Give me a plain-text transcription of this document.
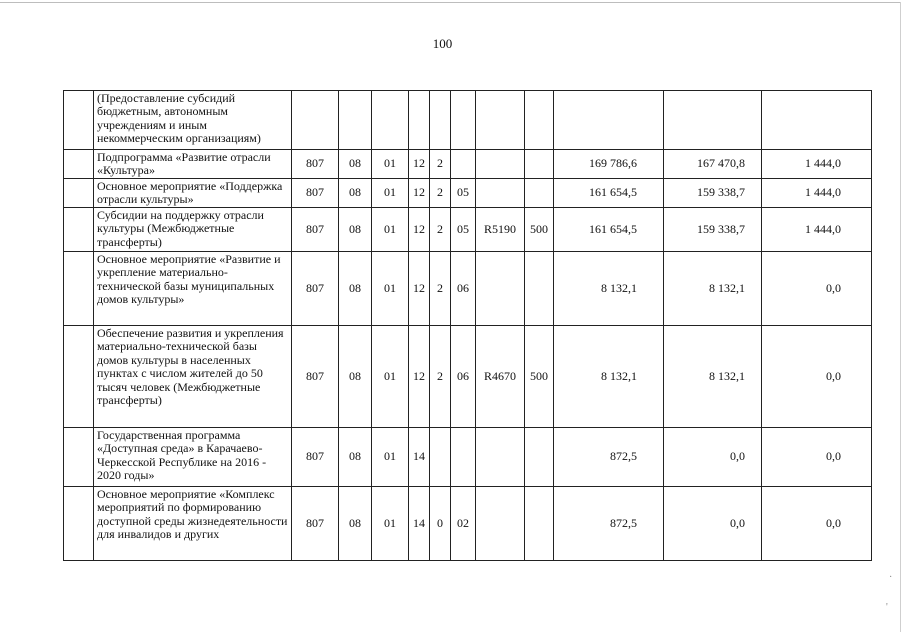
100
	(Предоставление субсидий бюджетным, автономным учреждениям и иным некоммерческим организациям)											
	Подпрограмма «Развитие отрасли «Культура»	807	08	01	12	2				169 786,6	167 470,8	1 444,0
	Основное мероприятие «Поддержка отрасли культуры»	807	08	01	12	2	05			161 654,5	159 338,7	1 444,0
	Субсидии на поддержку отрасли культуры (Межбюджетные трансферты)	807	08	01	12	2	05	R5190	500	161 654,5	159 338,7	1 444,0
	Основное мероприятие «Развитие и укрепление материально-технической базы муниципальных домов культуры»	807	08	01	12	2	06			8 132,1	8 132,1	0,0
	Обеспечение развития и укрепления материально-технической базы домов культуры в населенных пунктах с числом жителей до 50 тысяч человек (Межбюджетные трансферты)	807	08	01	12	2	06	R4670	500	8 132,1	8 132,1	0,0
	Государственная программа «Доступная среда» в Карачаево-Черкесской Республике на 2016 - 2020 годы»	807	08	01	14					872,5	0,0	0,0
	Основное мероприятие «Комплекс мероприятий по формированию доступной среды жизнедеятельности для инвалидов и других	807	08	01	14	0	02			872,5	0,0	0,0
·
'
